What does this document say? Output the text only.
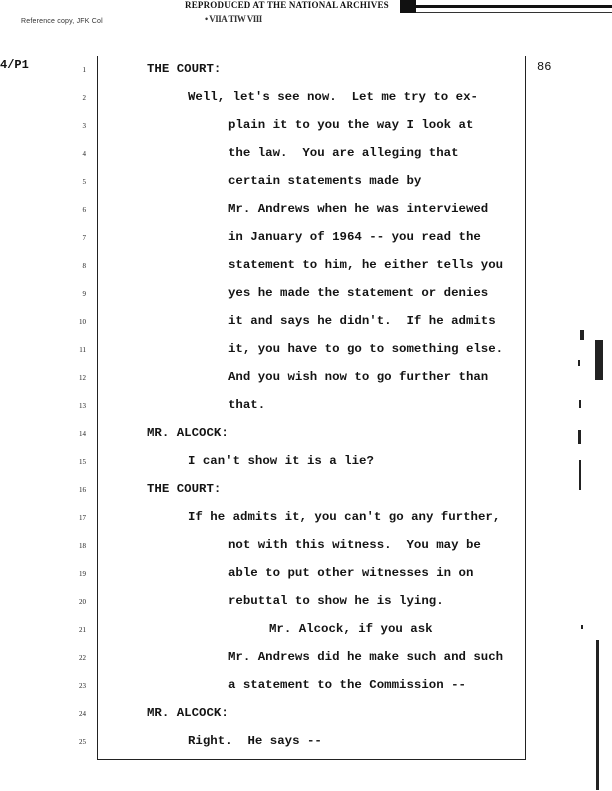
REPRODUCED AT THE NATIONAL ARCHIVES
• VIIA TIW VIII
Reference copy, JFK Col
4/P1	86
1	THE COURT:
2	Well, let's see now.  Let me try to ex-
3	plain it to you the way I look at
4	the law.  You are alleging that
5	certain statements made by
6	Mr. Andrews when he was interviewed
7	in January of 1964 -- you read the
8	statement to him, he either tells you
9	yes he made the statement or denies
10	it and says he didn't.  If he admits
11	it, you have to go to something else.
12	And you wish now to go further than
13	that.
14	MR. ALCOCK:
15	I can't show it is a lie?
16	THE COURT:
17	If he admits it, you can't go any further,
18	not with this witness.  You may be
19	able to put other witnesses in on
20	rebuttal to show he is lying.
21	Mr. Alcock, if you ask
22	Mr. Andrews did he make such and such
23	a statement to the Commission --
24	MR. ALCOCK:
25	Right.  He says --
